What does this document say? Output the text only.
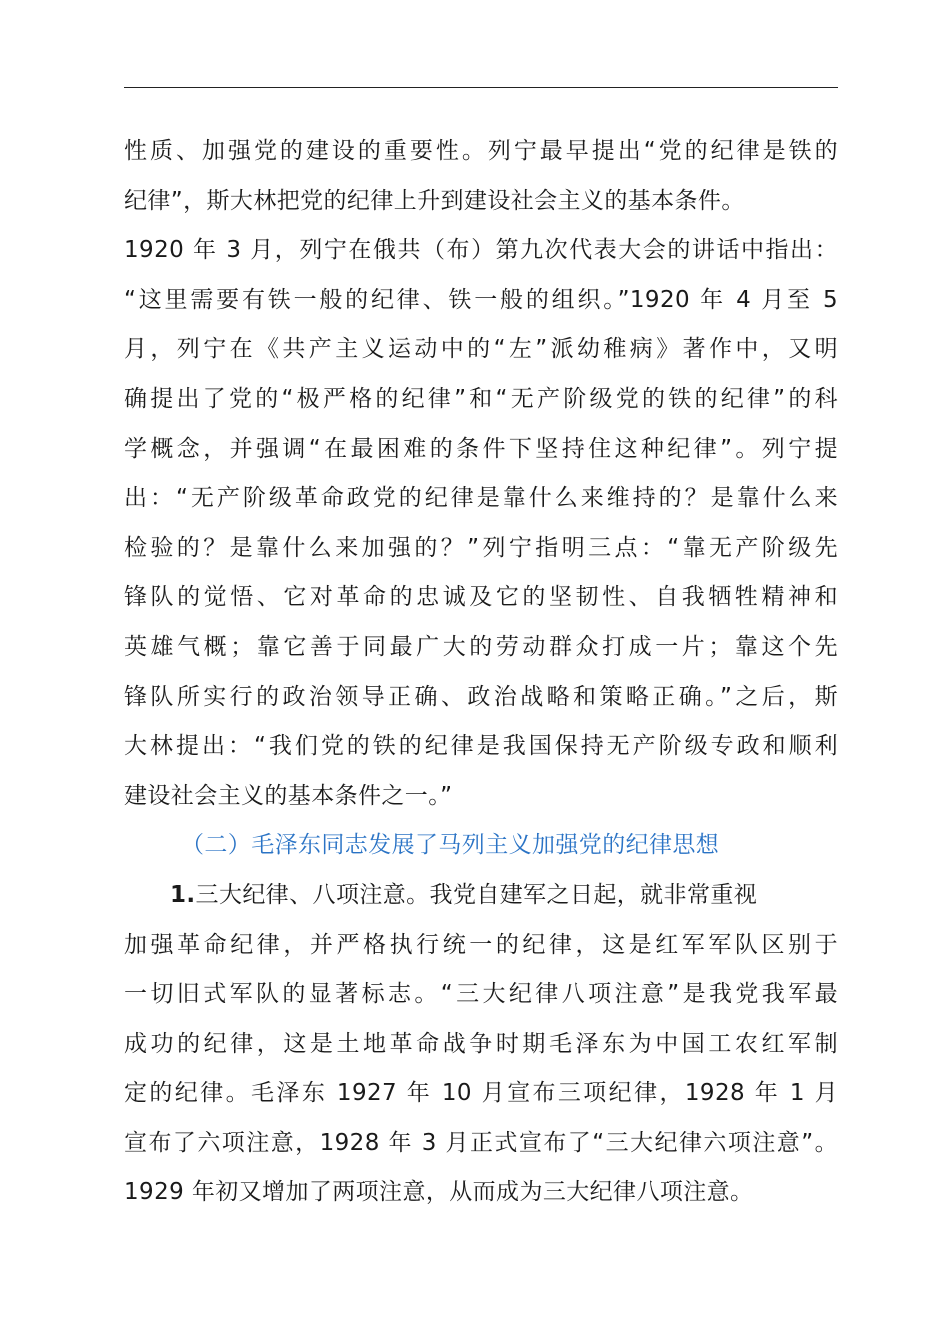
性质、加强党的建设的重要性。列宁最早提出“党的纪律是铁的
纪律”，斯大林把党的纪律上升到建设社会主义的基本条件。
1920 年 3 月，列宁在俄共（布）第九次代表大会的讲话中指出：
“这里需要有铁一般的纪律、铁一般的组织。”1920 年 4 月至 5
月，列宁在《共产主义运动中的“左”派幼稚病》著作中，又明
确提出了党的“极严格的纪律”和“无产阶级党的铁的纪律”的科
学概念，并强调“在最困难的条件下坚持住这种纪律”。列宁提
出：“无产阶级革命政党的纪律是靠什么来维持的？是靠什么来
检验的？是靠什么来加强的？”列宁指明三点：“靠无产阶级先
锋队的觉悟、它对革命的忠诚及它的坚韧性、自我牺牲精神和
英雄气概；靠它善于同最广大的劳动群众打成一片；靠这个先
锋队所实行的政治领导正确、政治战略和策略正确。”之后，斯
大林提出：“我们党的铁的纪律是我国保持无产阶级专政和顺利
建设社会主义的基本条件之一。”
（二）毛泽东同志发展了马列主义加强党的纪律思想
1.三大纪律、八项注意。我党自建军之日起，就非常重视
加强革命纪律，并严格执行统一的纪律，这是红军军队区别于
一切旧式军队的显著标志。“三大纪律八项注意”是我党我军最
成功的纪律，这是土地革命战争时期毛泽东为中国工农红军制
定的纪律。毛泽东 1927 年 10 月宣布三项纪律，1928 年 1 月
宣布了六项注意，1928 年 3 月正式宣布了“三大纪律六项注意”。
1929 年初又增加了两项注意，从而成为三大纪律八项注意。
